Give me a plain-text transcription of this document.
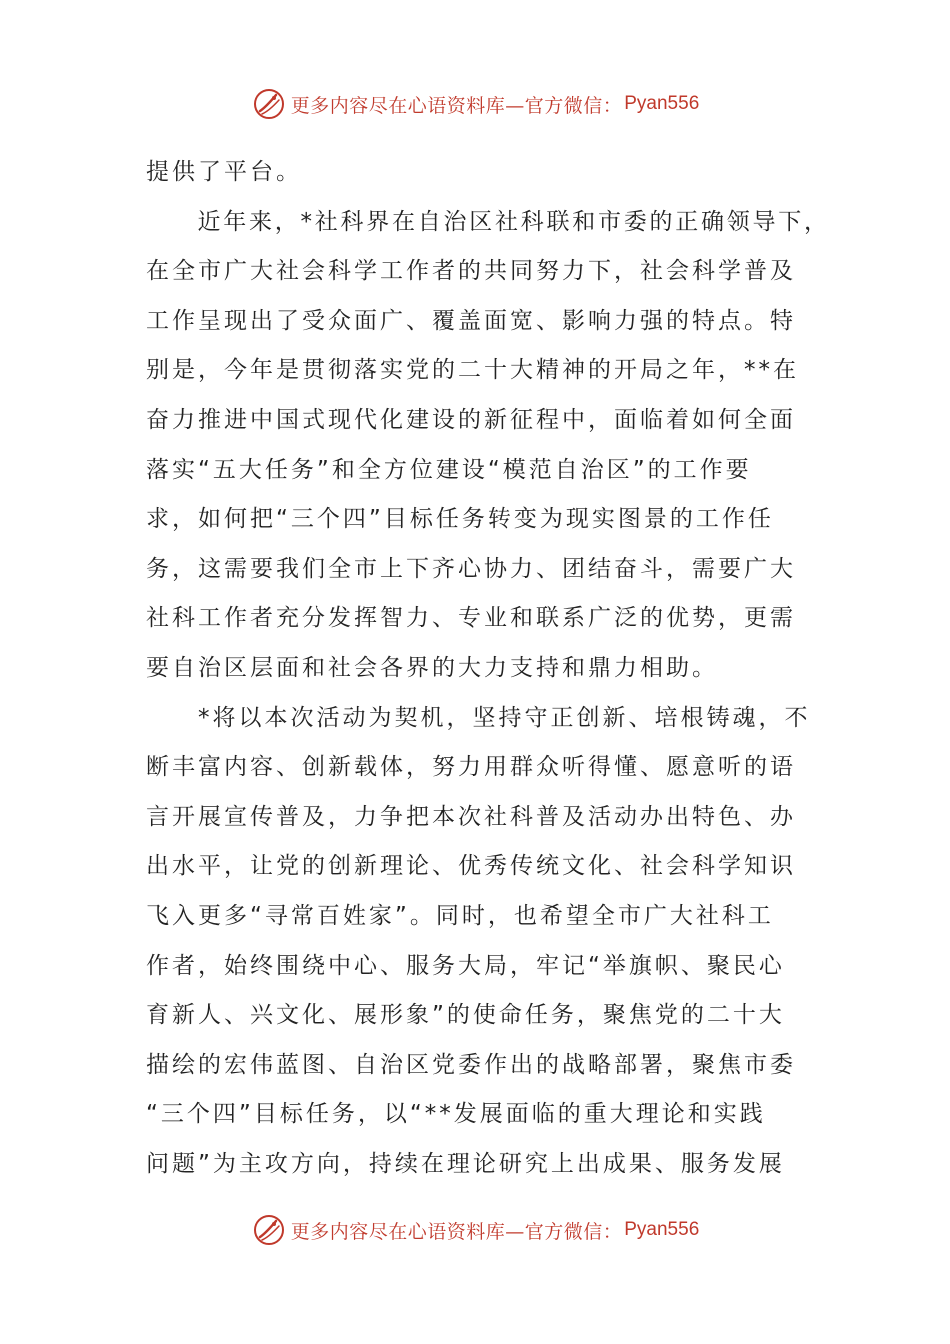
更多内容尽在心语资料库—官方微信： Pyan556
提供了平台。
　　近年来，*社科界在自治区社科联和市委的正确领导下，
在全市广大社会科学工作者的共同努力下，社会科学普及
工作呈现出了受众面广、覆盖面宽、影响力强的特点。特
别是，今年是贯彻落实党的二十大精神的开局之年，**在
奋力推进中国式现代化建设的新征程中，面临着如何全面
落实“五大任务”和全方位建设“模范自治区”的工作要
求，如何把“三个四”目标任务转变为现实图景的工作任
务，这需要我们全市上下齐心协力、团结奋斗，需要广大
社科工作者充分发挥智力、专业和联系广泛的优势，更需
要自治区层面和社会各界的大力支持和鼎力相助。
　　*将以本次活动为契机，坚持守正创新、培根铸魂，不
断丰富内容、创新载体，努力用群众听得懂、愿意听的语
言开展宣传普及，力争把本次社科普及活动办出特色、办
出水平，让党的创新理论、优秀传统文化、社会科学知识
飞入更多“寻常百姓家”。同时，也希望全市广大社科工
作者，始终围绕中心、服务大局，牢记“举旗帜、聚民心
育新人、兴文化、展形象”的使命任务，聚焦党的二十大
描绘的宏伟蓝图、自治区党委作出的战略部署，聚焦市委
“三个四”目标任务，以“**发展面临的重大理论和实践
问题”为主攻方向，持续在理论研究上出成果、服务发展
更多内容尽在心语资料库—官方微信： Pyan556
